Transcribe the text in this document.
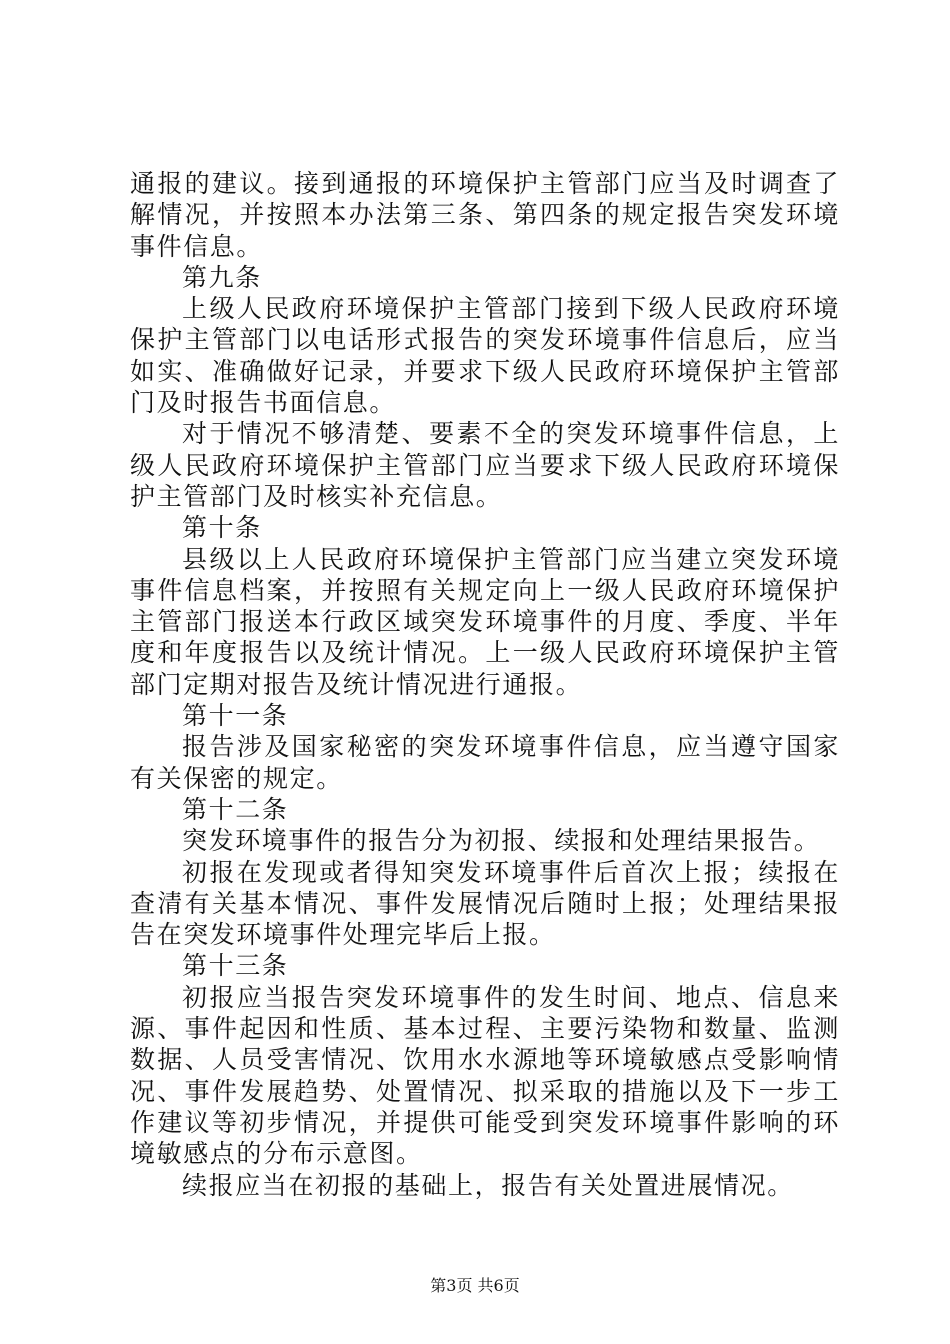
通报的建议。接到通报的环境保护主管部门应当及时调查了解情况，并按照本办法第三条、第四条的规定报告突发环境事件信息。

第九条

上级人民政府环境保护主管部门接到下级人民政府环境保护主管部门以电话形式报告的突发环境事件信息后，应当如实、准确做好记录，并要求下级人民政府环境保护主管部门及时报告书面信息。

对于情况不够清楚、要素不全的突发环境事件信息，上级人民政府环境保护主管部门应当要求下级人民政府环境保护主管部门及时核实补充信息。

第十条

县级以上人民政府环境保护主管部门应当建立突发环境事件信息档案，并按照有关规定向上一级人民政府环境保护主管部门报送本行政区域突发环境事件的月度、季度、半年度和年度报告以及统计情况。上一级人民政府环境保护主管部门定期对报告及统计情况进行通报。

第十一条

报告涉及国家秘密的突发环境事件信息，应当遵守国家有关保密的规定。

第十二条

突发环境事件的报告分为初报、续报和处理结果报告。

初报在发现或者得知突发环境事件后首次上报；续报在查清有关基本情况、事件发展情况后随时上报；处理结果报告在突发环境事件处理完毕后上报。

第十三条

初报应当报告突发环境事件的发生时间、地点、信息来源、事件起因和性质、基本过程、主要污染物和数量、监测数据、人员受害情况、饮用水水源地等环境敏感点受影响情况、事件发展趋势、处置情况、拟采取的措施以及下一步工作建议等初步情况，并提供可能受到突发环境事件影响的环境敏感点的分布示意图。

续报应当在初报的基础上，报告有关处置进展情况。

第3页 共6页
